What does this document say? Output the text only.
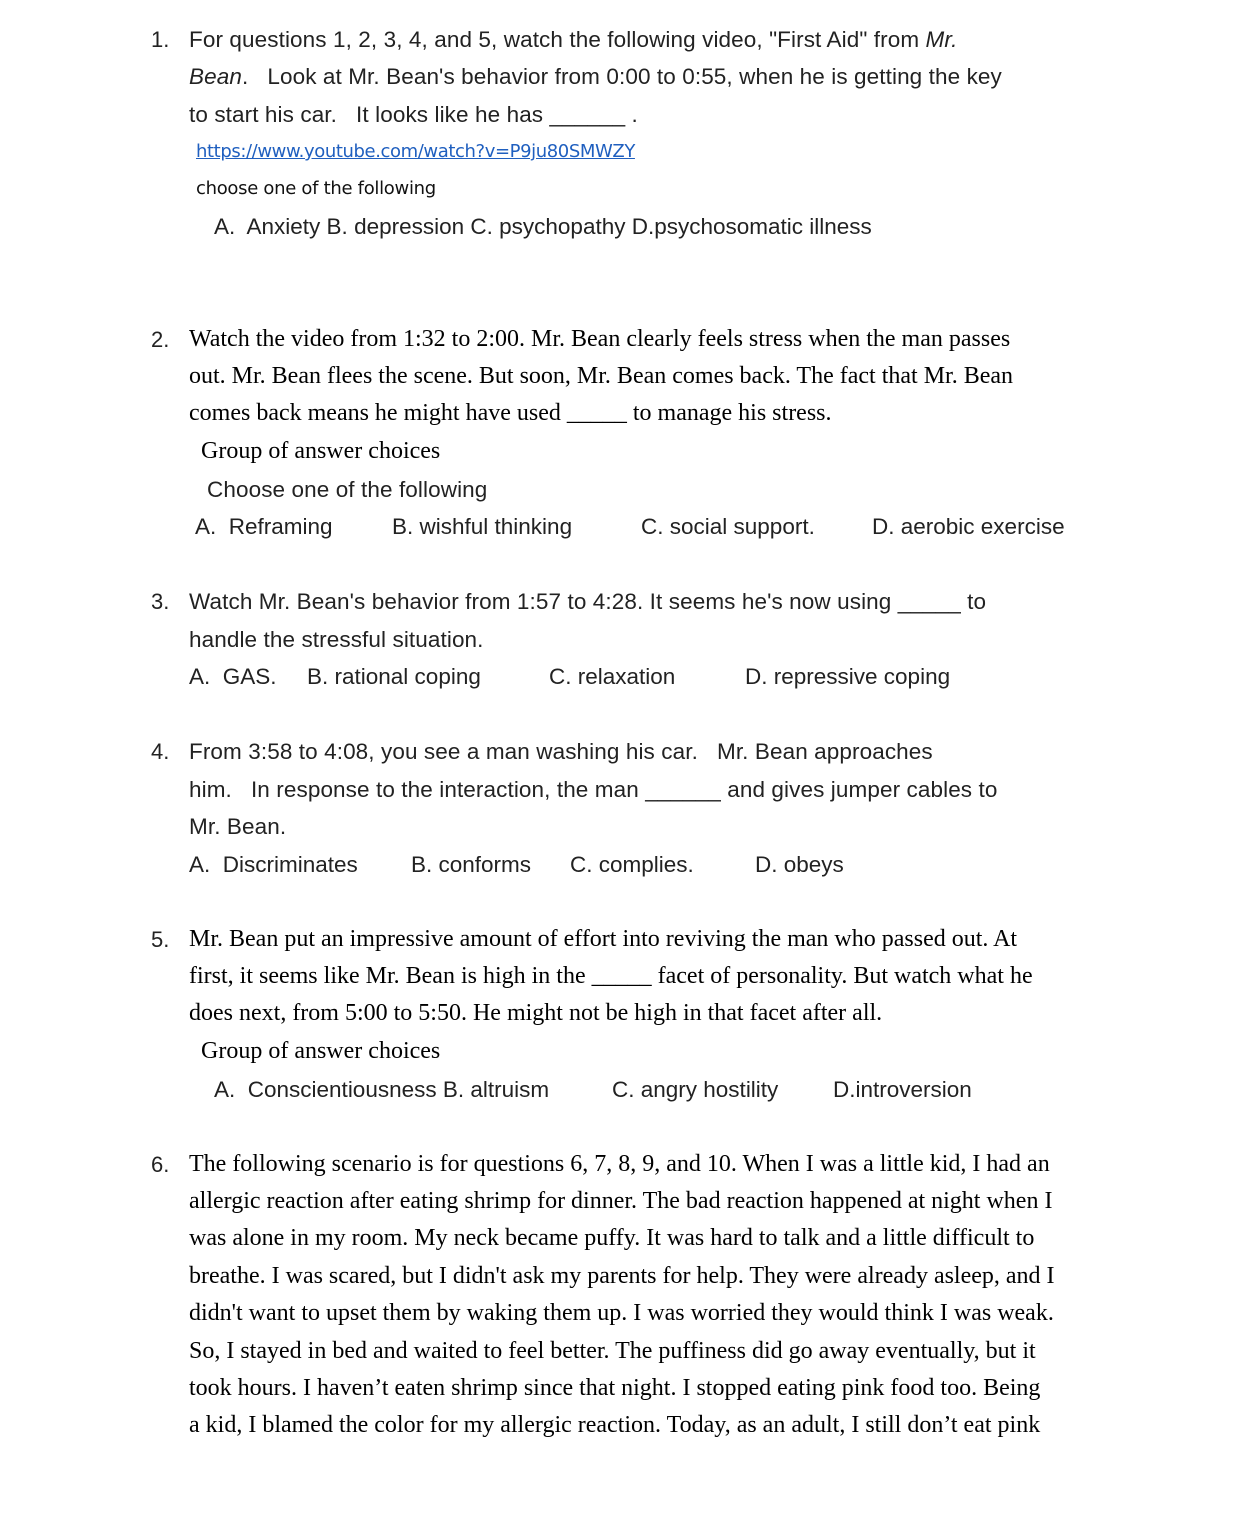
1. For questions 1, 2, 3, 4, and 5, watch the following video, "First Aid" from Mr.
Bean.   Look at Mr. Bean's behavior from 0:00 to 0:55, when he is getting the key
to start his car.   It looks like he has ______ .
https://www.youtube.com/watch?v=P9ju80SMWZY
choose one of the following
A.  Anxiety B. depression C. psychopathy D.psychosomatic illness
2. Watch the video from 1:32 to 2:00. Mr. Bean clearly feels stress when the man passes
out. Mr. Bean flees the scene. But soon, Mr. Bean comes back. The fact that Mr. Bean
comes back means he might have used _____ to manage his stress.
Group of answer choices
Choose one of the following
A.  Reframing	B. wishful thinking	C. social support.	D. aerobic exercise
3. Watch Mr. Bean's behavior from 1:57 to 4:28. It seems he's now using _____ to
handle the stressful situation.
A.  GAS. B. rational coping	C. relaxation	D. repressive coping
4. From 3:58 to 4:08, you see a man washing his car.   Mr. Bean approaches
him.   In response to the interaction, the man ______ and gives jumper cables to
Mr. Bean.
A.  Discriminates B. conforms C. complies.	D. obeys
5. Mr. Bean put an impressive amount of effort into reviving the man who passed out. At
first, it seems like Mr. Bean is high in the _____ facet of personality. But watch what he
does next, from 5:00 to 5:50. He might not be high in that facet after all.
Group of answer choices
A.  Conscientiousness B. altruism	C. angry hostility D.introversion
6. The following scenario is for questions 6, 7, 8, 9, and 10. When I was a little kid, I had an
allergic reaction after eating shrimp for dinner. The bad reaction happened at night when I
was alone in my room. My neck became puffy. It was hard to talk and a little difficult to
breathe. I was scared, but I didn't ask my parents for help. They were already asleep, and I
didn't want to upset them by waking them up. I was worried they would think I was weak.
So, I stayed in bed and waited to feel better. The puffiness did go away eventually, but it
took hours. I haven’t eaten shrimp since that night. I stopped eating pink food too. Being
a kid, I blamed the color for my allergic reaction. Today, as an adult, I still don’t eat pink
